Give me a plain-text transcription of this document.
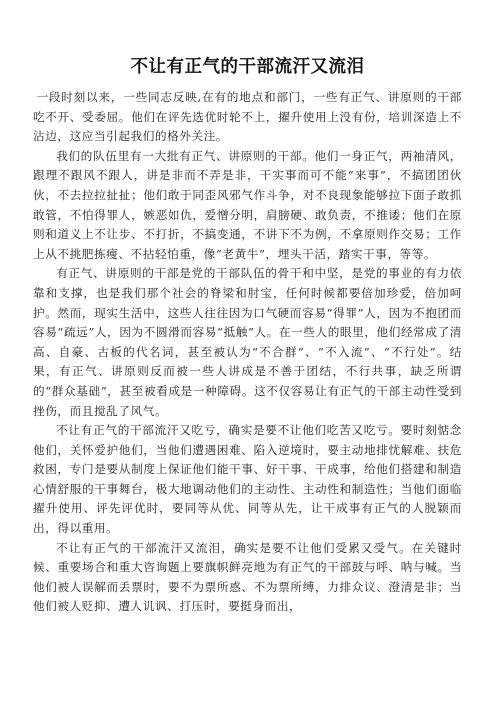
不让有正气的干部流汗又流泪

一段时刻以来，一些同志反映,在有的地点和部门，一些有正气、讲原则的干部吃不开、受委屈。他们在评先选优时轮不上，擢升使用上没有份，培训深造上不沾边，这应当引起我们的格外关注。

我们的队伍里有一大批有正气、讲原则的干部。他们一身正气，两袖清风，跟理不跟风不跟人，讲是非而不弄是非，干实事而可不能“来事”，不搞团团伙伙，不去拉拉扯扯；他们敢于同歪风邪气作斗争，对不良现象能够拉下面子敢抓敢管，不怕得罪人，嫉恶如仇，爱憎分明，肩膀硬、敢负责，不推诿；他们在原则和道义上不让步、不打折，不搞变通，不讲下不为例，不拿原则作交易；工作上从不挑肥拣瘦、不拈轻怕重，像“老黄牛”，埋头干活，踏实干事，等等。

有正气、讲原则的干部是党的干部队伍的骨干和中坚，是党的事业的有力依靠和支撑，也是我们那个社会的脊梁和肘宝，任何时候都要倍加珍爱，倍加呵护。然而，现实生活中，这些人往往因为口气硬而容易“得罪”人，因为不抱团而容易“疏远”人，因为不圆滑而容易“抵触”人。在一些人的眼里，他们经常成了清高、自豪、古板的代名词，甚至被认为“不合群”、“不入流”、“不行处”。结果，有正气、讲原则反而被一些人讲成是不善于团结，不行共事，缺乏所谓的“群众基础”，甚至被看成是一种障碍。这不仅容易让有正气的干部主动性受到挫伤，而且搅乱了风气。

不让有正气的干部流汗又吃亏，确实是要不让他们吃苦又吃亏。要时刻惦念他们，关怀爱护他们，当他们遭遇困难、陷入逆境时，要主动地排忧解难、扶危救困，专门是要从制度上保证他们能干事、好干事、干成事，给他们搭建和制造心情舒服的干事舞台，极大地调动他们的主动性、主动性和制造性；当他们面临擢升使用、评先评优时，要同等从优、同等从先，让干成事有正气的人脱颖而出，得以重用。

不让有正气的干部流汗又流泪，确实是要不让他们受累又受气。在关键时候、重要场合和重大咨询题上要旗帜鲜亮地为有正气的干部鼓与呼、呐与喊。当他们被人误解而丢票时，要不为票所惑、不为票所缚，力排众议、澄清是非；当他们被人贬抑、遭人讥讽、打压时，要挺身而出，
